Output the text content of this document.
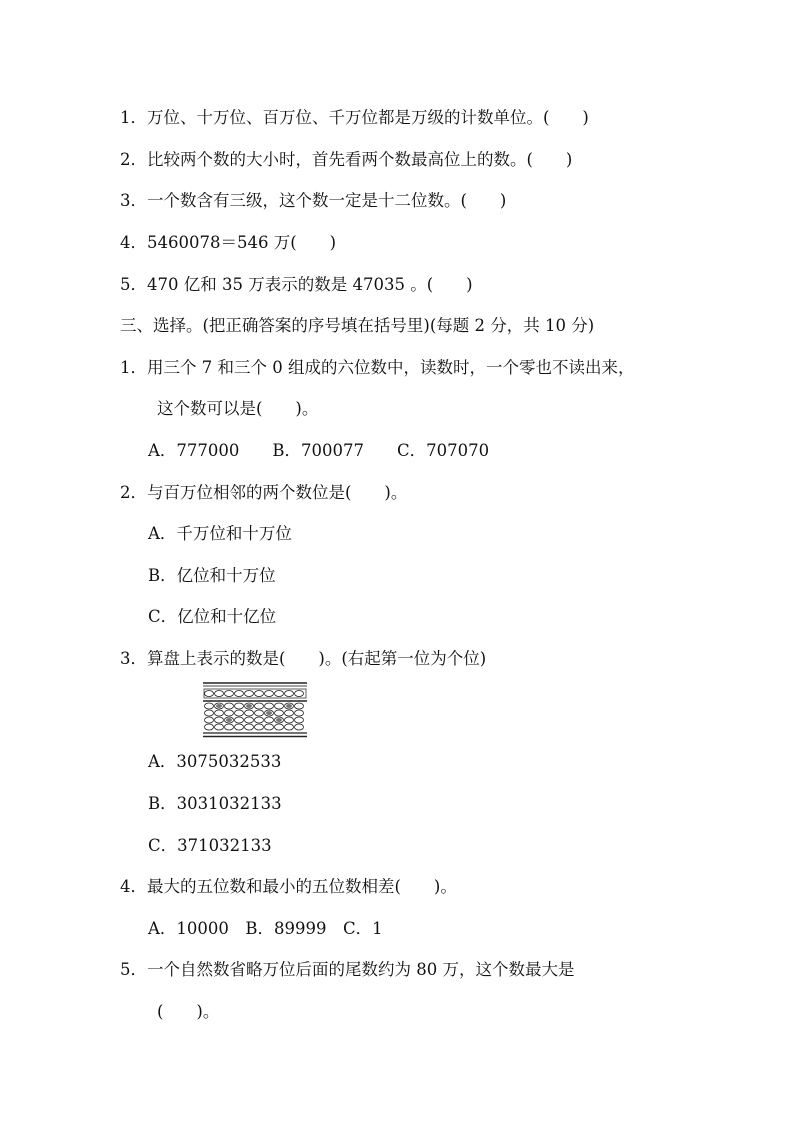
1．万位、十万位、百万位、千万位都是万级的计数单位。(　　)
2．比较两个数的大小时，首先看两个数最高位上的数。(　　)
3．一个数含有三级，这个数一定是十二位数。(　　)
4．5460078＝546 万(　　)
5．470 亿和 35 万表示的数是 47035 。(　　)
三、选择。(把正确答案的序号填在括号里)(每题 2 分，共 10 分)
1．用三个 7 和三个 0 组成的六位数中，读数时，一个零也不读出来，
这个数可以是(　　)。
A．777000　　B．700077　　C．707070
2．与百万位相邻的两个数位是(　　)。
A．千万位和十万位
B．亿位和十万位
C．亿位和十亿位
3．算盘上表示的数是(　　)。(右起第一位为个位)
A．3075032533
B．3031032133
C．371032133
4．最大的五位数和最小的五位数相差(　　)。
A．10000　B．89999　C．1
5．一个自然数省略万位后面的尾数约为 80 万，这个数最大是
(　　)。
